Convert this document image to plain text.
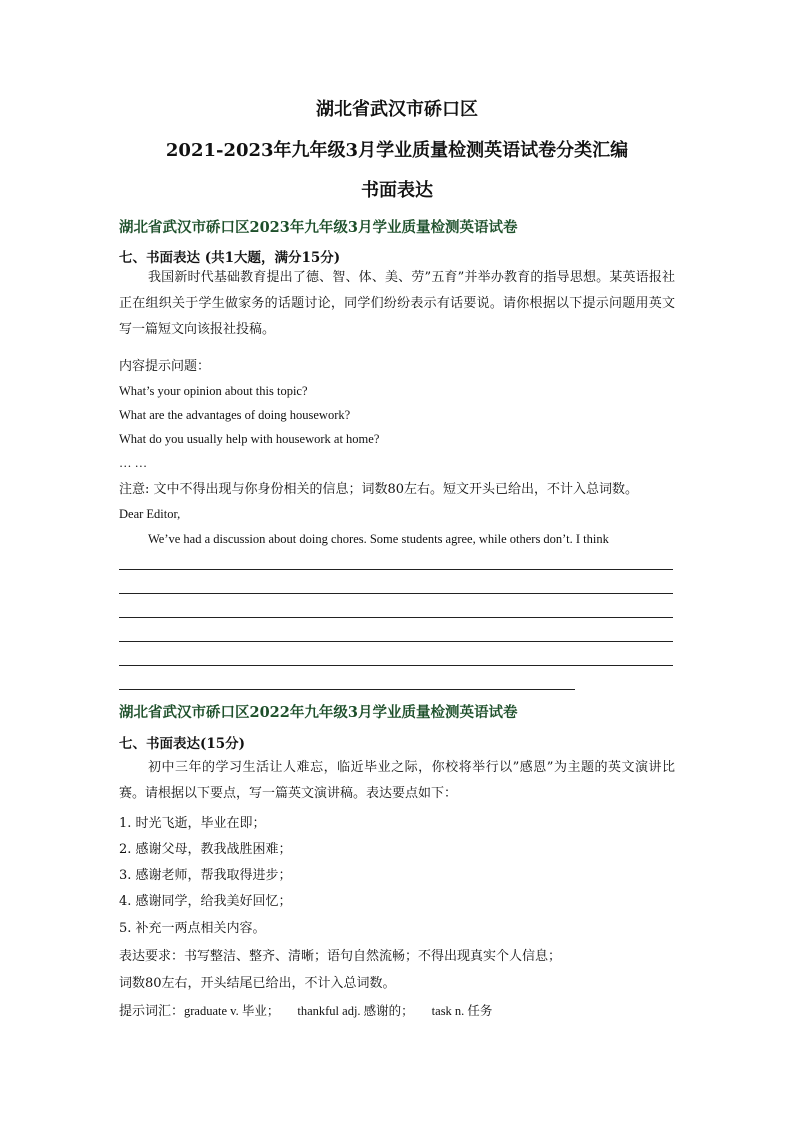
湖北省武汉市硚口区
2021-2023年九年级3月学业质量检测英语试卷分类汇编
书面表达
湖北省武汉市硚口区2023年九年级3月学业质量检测英语试卷
七、书面表达 (共1大题，满分15分)
我国新时代基础教育提出了德、智、体、美、劳”五育”并举办教育的指导思想。某英语报社正在组织关于学生做家务的话题讨论，同学们纷纷表示有话要说。请你根据以下提示问题用英文写一篇短文向该报社投稿。
内容提示问题：
What’s your opinion about this topic?
What are the advantages of doing housework?
What do you usually help with housework at home?
… …
注意: 文中不得出现与你身份相关的信息；词数80左右。短文开头已给出，不计入总词数。
Dear Editor,
We’ve had a discussion about doing chores. Some students agree, while others don’t. I think
湖北省武汉市硚口区2022年九年级3月学业质量检测英语试卷
七、书面表达(15分)
初中三年的学习生活让人难忘，临近毕业之际，你校将举行以”感恩”为主题的英文演讲比赛。请根据以下要点，写一篇英文演讲稿。表达要点如下：
1. 时光飞逝，毕业在即；
2. 感谢父母，教我战胜困难；
3. 感谢老师，帮我取得进步；
4. 感谢同学，给我美好回忆；
5. 补充一两点相关内容。
表达要求：书写整洁、整齐、清晰；语句自然流畅；不得出现真实个人信息；
词数80左右，开头结尾已给出，不计入总词数。
提示词汇：graduate v. 毕业； thankful adj. 感谢的； task n. 任务
